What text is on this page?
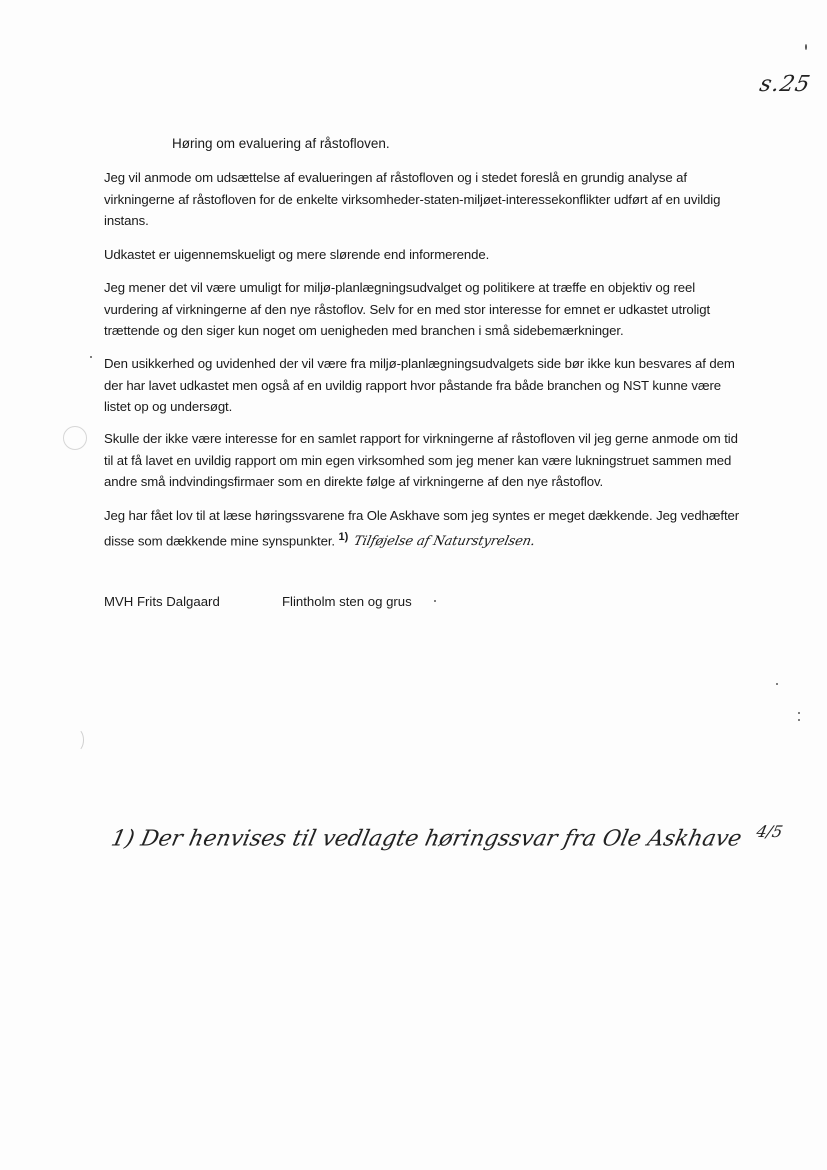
s.25
Høring om evaluering af råstofloven.

Jeg vil anmode om udsættelse af evalueringen af råstofloven og i stedet foreslå en grundig analyse af virkningerne af råstofloven for de enkelte virksomheder-staten-miljøet-interessekonflikter udført af en uvildig instans.

Udkastet er uigennemskueligt og mere slørende end informerende.

Jeg mener det vil være umuligt for miljø-planlægningsudvalget og politikere at træffe en objektiv og reel vurdering af virkningerne af den nye råstoflov. Selv for en med stor interesse for emnet er udkastet utroligt trættende og den siger kun noget om uenigheden med branchen i små sidebemærkninger.

Den usikkerhed og uvidenhed der vil være fra miljø-planlægningsudvalgets side bør ikke kun besvares af dem der har lavet udkastet men også af en uvildig rapport hvor påstande fra både branchen og NST kunne være listet op og undersøgt.

Skulle der ikke være interesse for en samlet rapport for virkningerne af råstofloven vil jeg gerne anmode om tid til at få lavet en uvildig rapport om min egen virksomhed som jeg mener kan være lukningstruet sammen med andre små indvindingsfirmaer som en direkte følge af virkningerne af den nye råstoflov.

Jeg har fået lov til at læse høringssvarene fra Ole Askhave som jeg syntes er meget dækkende. Jeg vedhæfter disse som dækkende mine synspunkter. $^{1)}$ Tilføjelse af Naturstyrelsen.

MVH Frits Dalgaard	Flintholm sten og grus
1) Der henvises til vedlagte høringssvar fra Ole Askhave $^{4/5}$
